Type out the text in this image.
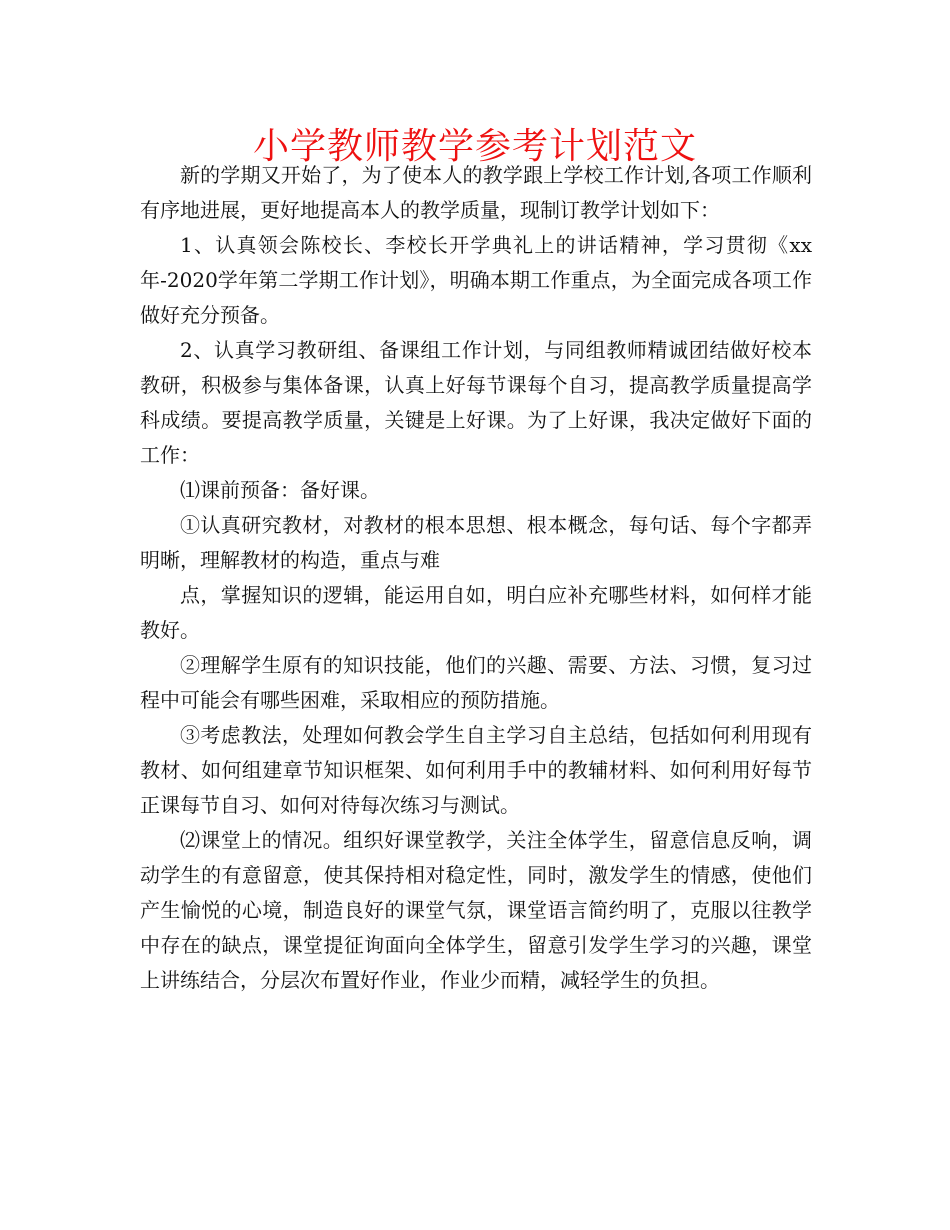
小学教师教学参考计划范文

新的学期又开始了，为了使本人的教学跟上学校工作计划,各项工作顺利有序地进展，更好地提高本人的教学质量，现制订教学计划如下：

1、认真领会陈校长、李校长开学典礼上的讲话精神，学习贯彻《xx年-2020学年第二学期工作计划》，明确本期工作重点，为全面完成各项工作做好充分预备。

2、认真学习教研组、备课组工作计划，与同组教师精诚团结做好校本教研，积极参与集体备课，认真上好每节课每个自习，提高教学质量提高学科成绩。要提高教学质量，关键是上好课。为了上好课，我决定做好下面的工作：

⑴课前预备：备好课。

①认真研究教材，对教材的根本思想、根本概念，每句话、每个字都弄明晰，理解教材的构造，重点与难

点，掌握知识的逻辑，能运用自如，明白应补充哪些材料，如何样才能教好。

②理解学生原有的知识技能，他们的兴趣、需要、方法、习惯，复习过程中可能会有哪些困难，采取相应的预防措施。

③考虑教法，处理如何教会学生自主学习自主总结，包括如何利用现有教材、如何组建章节知识框架、如何利用手中的教辅材料、如何利用好每节正课每节自习、如何对待每次练习与测试。

⑵课堂上的情况。组织好课堂教学，关注全体学生，留意信息反响，调动学生的有意留意，使其保持相对稳定性，同时，激发学生的情感，使他们产生愉悦的心境，制造良好的课堂气氛，课堂语言简约明了，克服以往教学中存在的缺点，课堂提征询面向全体学生，留意引发学生学习的兴趣，课堂上讲练结合，分层次布置好作业，作业少而精，减轻学生的负担。
